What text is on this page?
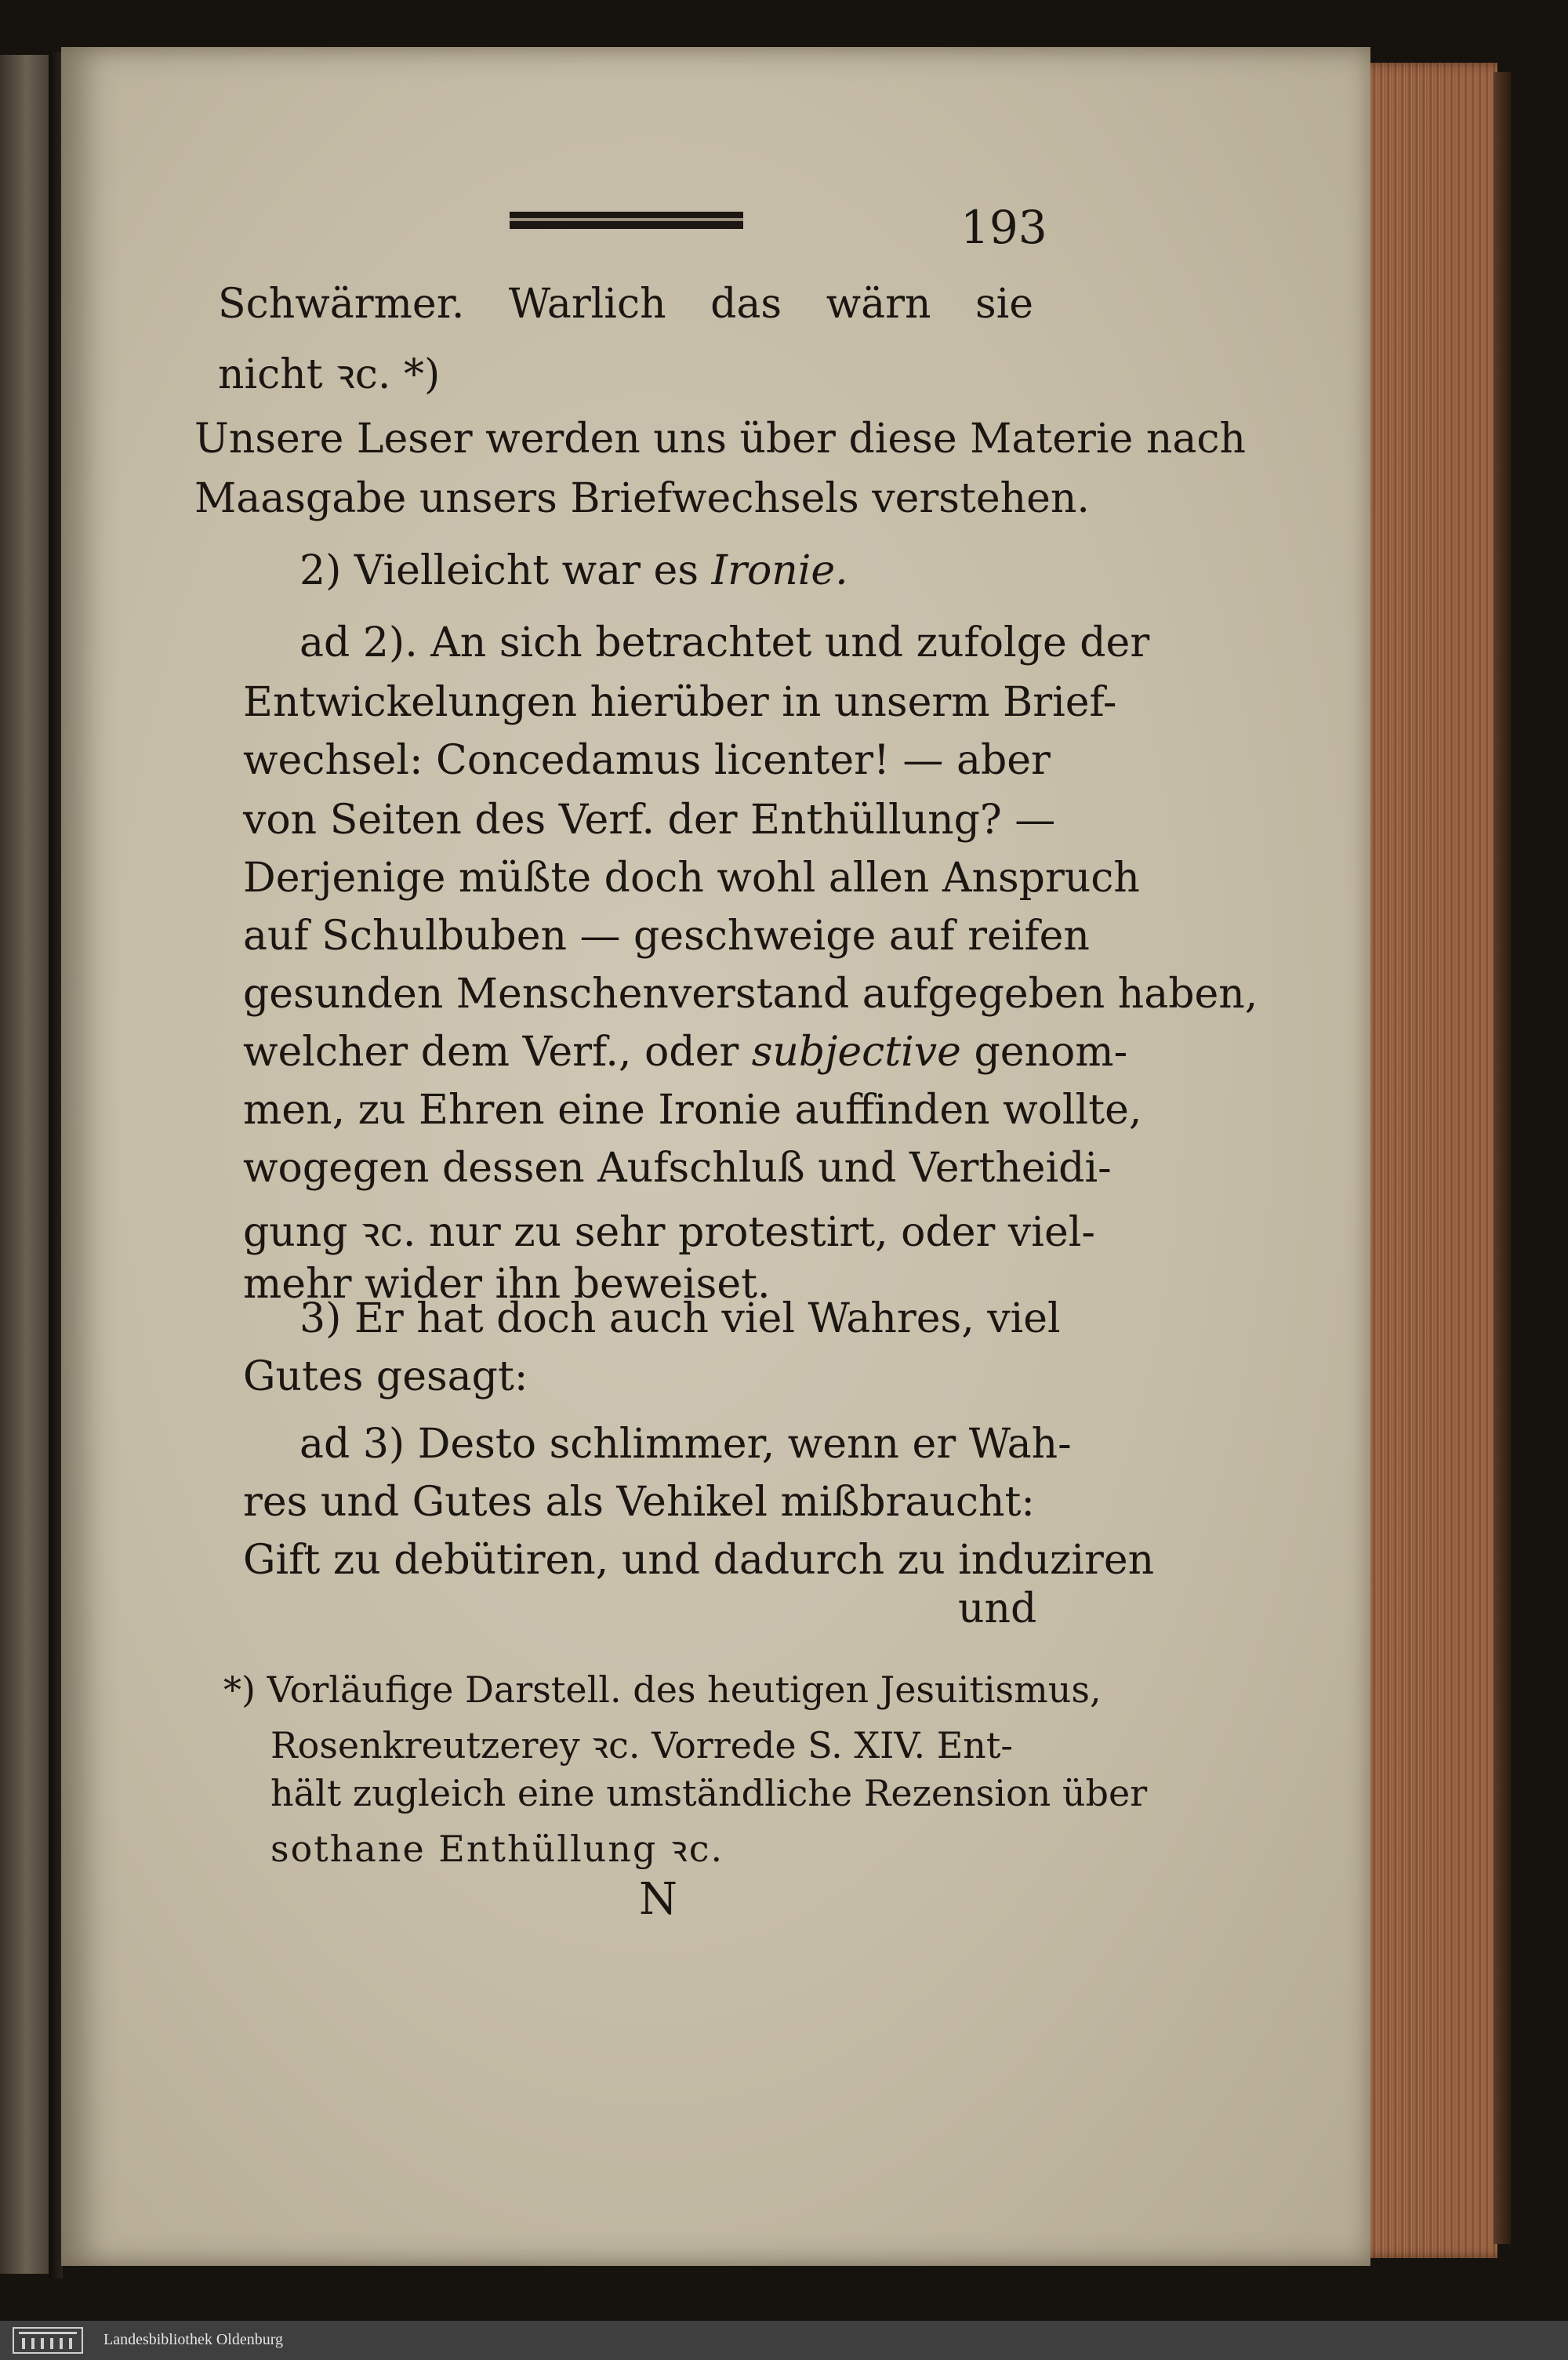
193
Schwärmer. Warlich das wärn sie
nicht ꝛc. *)
Unsere Leser werden uns über diese Materie nach
Maasgabe unsers Briefwechsels verstehen.
2) Vielleicht war es Ironie.
ad 2). An sich betrachtet und zufolge der
Entwickelungen hierüber in unserm Brief-
wechsel: Concedamus licenter! — aber
von Seiten des Verf. der Enthüllung? —
Derjenige müßte doch wohl allen Anspruch
auf Schulbuben — geschweige auf reifen
gesunden Menschenverstand aufgegeben haben,
welcher dem Verf., oder subjective genom-
men, zu Ehren eine Ironie auffinden wollte,
wogegen dessen Aufschluß und Vertheidi-
gung ꝛc. nur zu sehr protestirt, oder viel-
mehr wider ihn beweiset.
3) Er hat doch auch viel Wahres, viel
Gutes gesagt:
ad 3) Desto schlimmer, wenn er Wah-
res und Gutes als Vehikel mißbraucht:
Gift zu debütiren, und dadurch zu induziren
und
*) Vorläufige Darstell. des heutigen Jesuitismus,
Rosenkreutzerey ꝛc. Vorrede S. XIV. Ent-
hält zugleich eine umständliche Rezension über
sothane Enthüllung ꝛc.
N
Landesbibliothek Oldenburg
